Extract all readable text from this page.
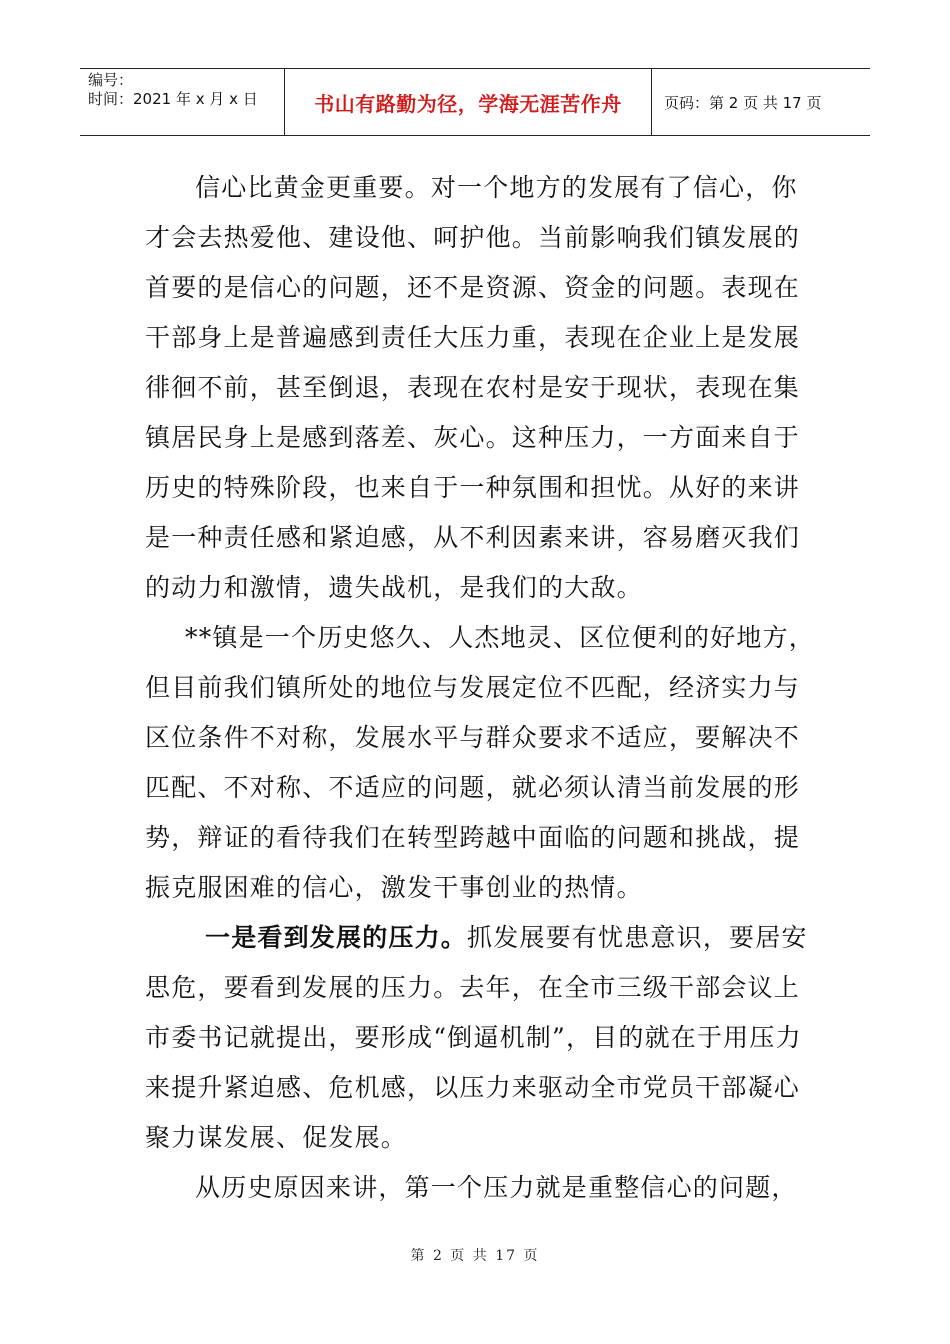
编号：
时间：2021 年 x 月 x 日	书山有路勤为径，学海无涯苦作舟	页码：第 2 页 共 17 页

信心比黄金更重要。对一个地方的发展有了信心，你才会去热爱他、建设他、呵护他。当前影响我们镇发展的首要的是信心的问题，还不是资源、资金的问题。表现在干部身上是普遍感到责任大压力重，表现在企业上是发展徘徊不前，甚至倒退，表现在农村是安于现状，表现在集镇居民身上是感到落差、灰心。这种压力，一方面来自于历史的特殊阶段，也来自于一种氛围和担忧。从好的来讲是一种责任感和紧迫感，从不利因素来讲，容易磨灭我们的动力和激情，遗失战机，是我们的大敌。

**镇是一个历史悠久、人杰地灵、区位便利的好地方，但目前我们镇所处的地位与发展定位不匹配，经济实力与区位条件不对称，发展水平与群众要求不适应，要解决不匹配、不对称、不适应的问题，就必须认清当前发展的形势，辩证的看待我们在转型跨越中面临的问题和挑战，提振克服困难的信心，激发干事创业的热情。

一是看到发展的压力。抓发展要有忧患意识，要居安思危，要看到发展的压力。去年，在全市三级干部会议上市委书记就提出，要形成“倒逼机制”，目的就在于用压力来提升紧迫感、危机感，以压力来驱动全市党员干部凝心聚力谋发展、促发展。

从历史原因来讲，第一个压力就是重整信心的问题，

第 2 页 共 17 页
